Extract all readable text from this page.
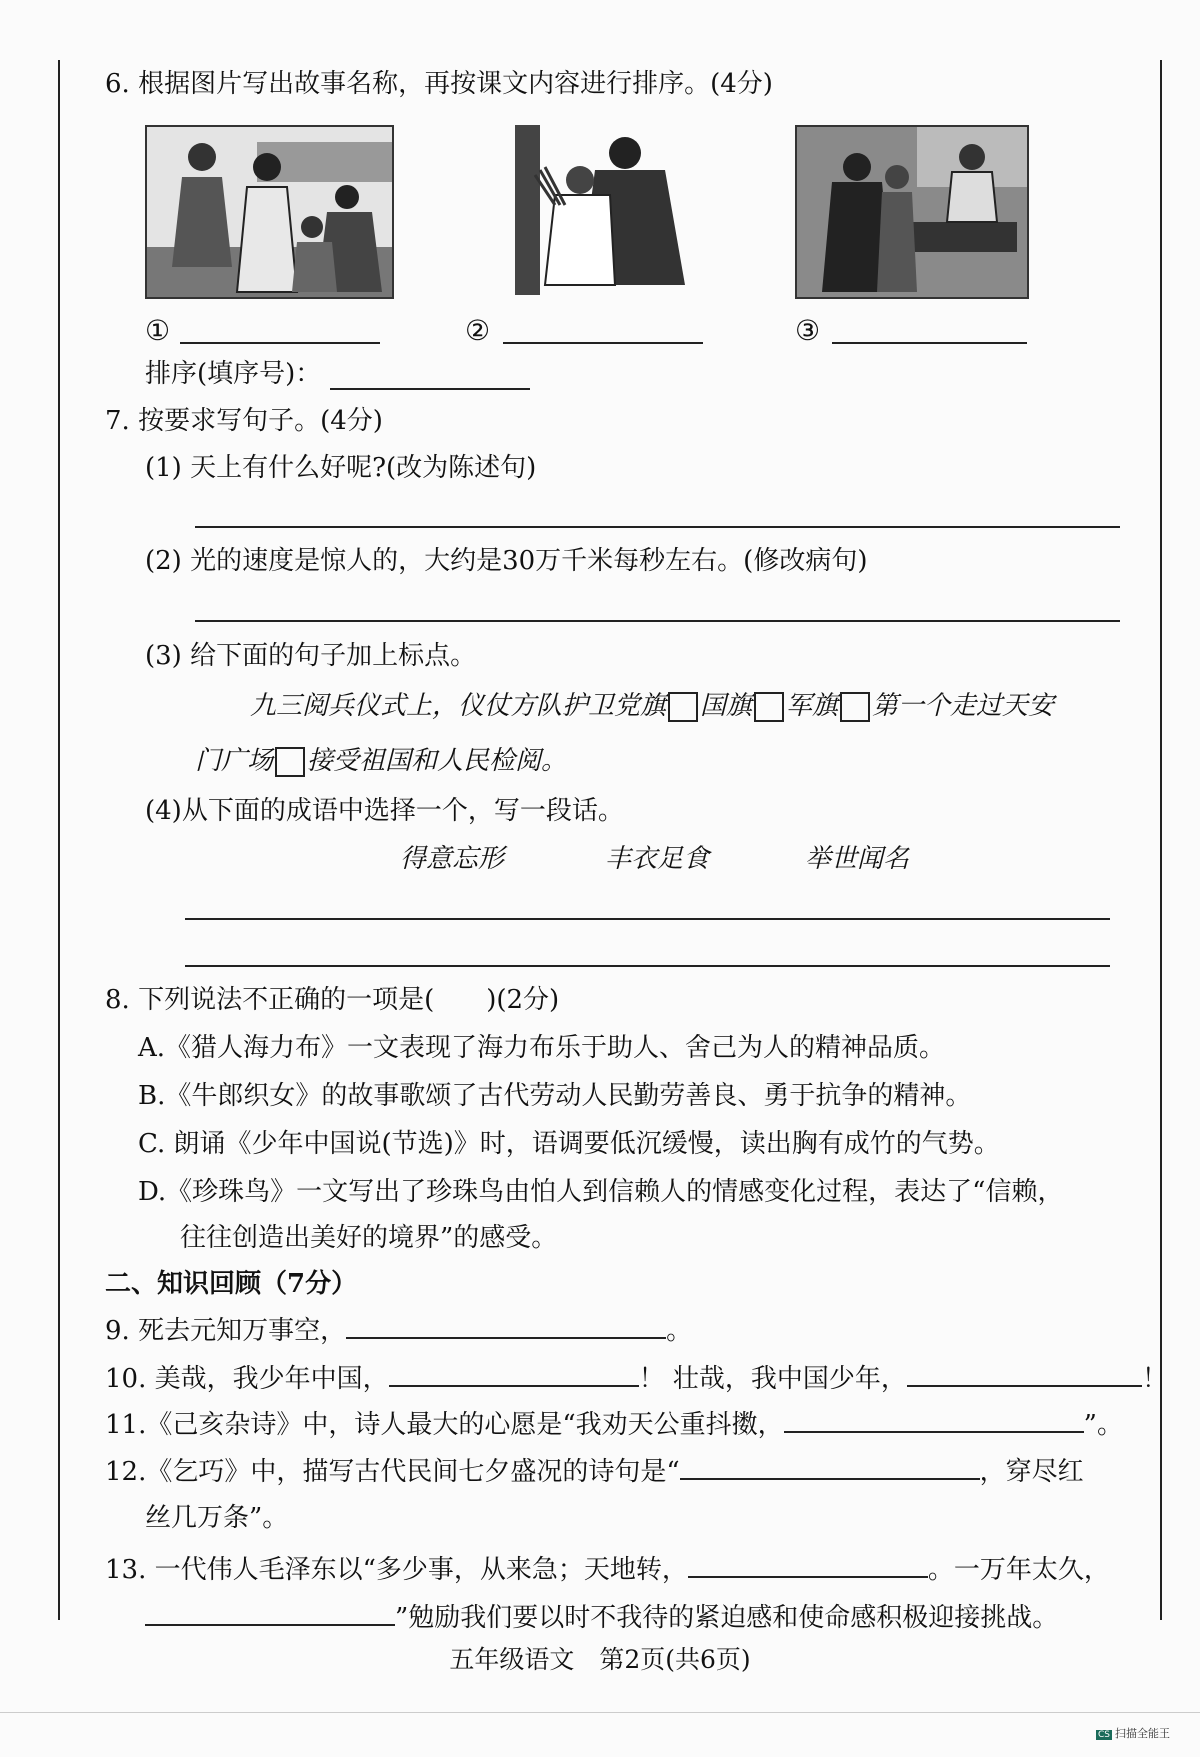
6. 根据图片写出故事名称，再按课文内容进行排序。(4分)
①	②	③
排序(填序号)：
7. 按要求写句子。(4分)
(1) 天上有什么好呢?(改为陈述句)
(2) 光的速度是惊人的，大约是30万千米每秒左右。(修改病句)
(3) 给下面的句子加上标点。
九三阅兵仪式上，仪仗方队护卫党旗 国旗 军旗 第一个走过天安
门广场 接受祖国和人民检阅。
(4)从下面的成语中选择一个，写一段话。
得意忘形	丰衣足食	举世闻名
8. 下列说法不正确的一项是(　　)(2分)
A.《猎人海力布》一文表现了海力布乐于助人、舍己为人的精神品质。
B.《牛郎织女》的故事歌颂了古代劳动人民勤劳善良、勇于抗争的精神。
C. 朗诵《少年中国说(节选)》时，语调要低沉缓慢，读出胸有成竹的气势。
D.《珍珠鸟》一文写出了珍珠鸟由怕人到信赖人的情感变化过程，表达了“信赖，
往往创造出美好的境界”的感受。
二、知识回顾（7分）
9. 死去元知万事空，	。
10. 美哉，我少年中国，	！ 壮哉，我中国少年，	！
11.《己亥杂诗》中，诗人最大的心愿是“我劝天公重抖擞，	”。
12.《乞巧》中，描写古代民间七夕盛况的诗句是“	，穿尽红
丝几万条”。
13. 一代伟人毛泽东以“多少事，从来急；天地转，	。一万年太久，
”勉励我们要以时不我待的紧迫感和使命感积极迎接挑战。
五年级语文　第2页(共6页)
CS 扫描全能王
